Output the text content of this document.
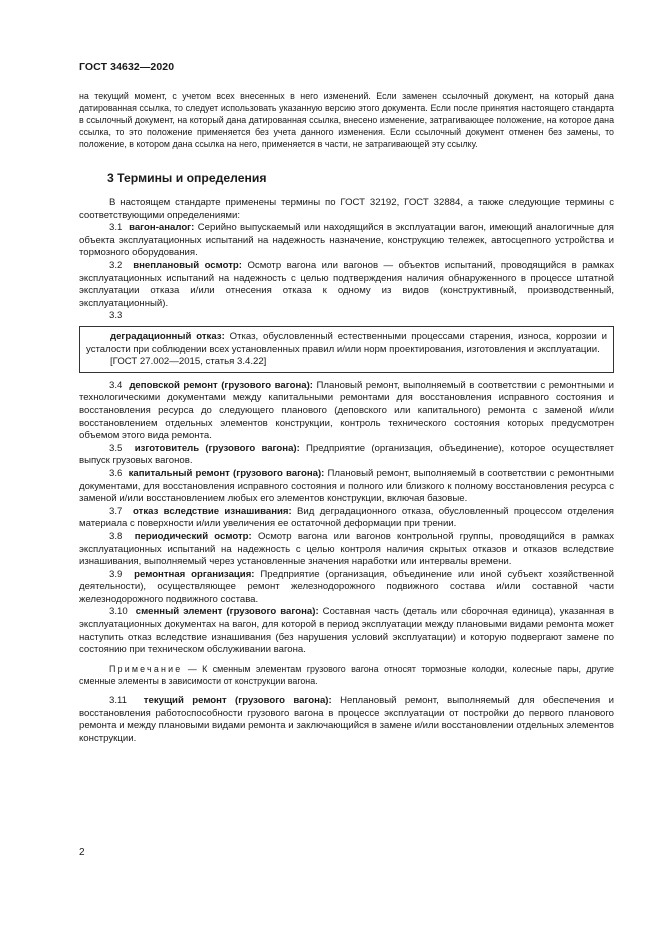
ГОСТ 34632—2020

на текущий момент, с учетом всех внесенных в него изменений. Если заменен ссылочный документ, на который дана датированная ссылка, то следует использовать указанную версию этого документа. Если после принятия настоящего стандарта в ссылочный документ, на который дана датированная ссылка, внесено изменение, затрагивающее положение, на которое дана ссылка, то это положение применяется без учета данного изменения. Если ссылочный документ отменен без замены, то положение, в котором дана ссылка на него, применяется в части, не затрагивающей эту ссылку.

3 Термины и определения

В настоящем стандарте применены термины по ГОСТ 32192, ГОСТ 32884, а также следующие термины с соответствующими определениями:

3.1 вагон-аналог: Серийно выпускаемый или находящийся в эксплуатации вагон, имеющий аналогичные для объекта эксплуатационных испытаний на надежность назначение, конструкцию тележек, автосцепного устройства и тормозного оборудования.

3.2 внеплановый осмотр: Осмотр вагона или вагонов — объектов испытаний, проводящийся в рамках эксплуатационных испытаний на надежность с целью подтверждения наличия обнаруженного в процессе штатной эксплуатации отказа и/или отнесения отказа к одному из видов (конструктивный, производственный, эксплуатационный).

3.3

деградационный отказ: Отказ, обусловленный естественными процессами старения, износа, коррозии и усталости при соблюдении всех установленных правил и/или норм проектирования, изготовления и эксплуатации.

[ГОСТ 27.002—2015, статья 3.4.22]

3.4 деповской ремонт (грузового вагона): Плановый ремонт, выполняемый в соответствии с ремонтными и технологическими документами между капитальными ремонтами для восстановления исправного состояния и восстановления ресурса до следующего планового (деповского или капитального) ремонта с заменой и/или восстановлением отдельных элементов конструкции, контроль технического состояния которых предусмотрен объемом этого вида ремонта.

3.5 изготовитель (грузового вагона): Предприятие (организация, объединение), которое осуществляет выпуск грузовых вагонов.

3.6 капитальный ремонт (грузового вагона): Плановый ремонт, выполняемый в соответствии с ремонтными документами, для восстановления исправного состояния и полного или близкого к полному восстановления ресурса с заменой и/или восстановлением любых его элементов конструкции, включая базовые.

3.7 отказ вследствие изнашивания: Вид деградационного отказа, обусловленный процессом отделения материала с поверхности и/или увеличения ее остаточной деформации при трении.

3.8 периодический осмотр: Осмотр вагона или вагонов контрольной группы, проводящийся в рамках эксплуатационных испытаний на надежность с целью контроля наличия скрытых отказов и отказов вследствие изнашивания, выполняемый через установленные значения наработки или интервалы времени.

3.9 ремонтная организация: Предприятие (организация, объединение или иной субъект хозяйственной деятельности), осуществляющее ремонт железнодорожного подвижного состава и/или составной части железнодорожного подвижного состава.

3.10 сменный элемент (грузового вагона): Составная часть (деталь или сборочная единица), указанная в эксплуатационных документах на вагон, для которой в период эксплуатации между плановыми видами ремонта может наступить отказ вследствие изнашивания (без нарушения условий эксплуатации) и которую подвергают замене по состоянию при техническом обслуживании вагона.

Примечание — К сменным элементам грузового вагона относят тормозные колодки, колесные пары, другие сменные элементы в зависимости от конструкции вагона.

3.11 текущий ремонт (грузового вагона): Неплановый ремонт, выполняемый для обеспечения и восстановления работоспособности грузового вагона в процессе эксплуатации от постройки до первого планового ремонта и между плановыми видами ремонта и заключающийся в замене и/или восстановлении отдельных элементов конструкции.

2
